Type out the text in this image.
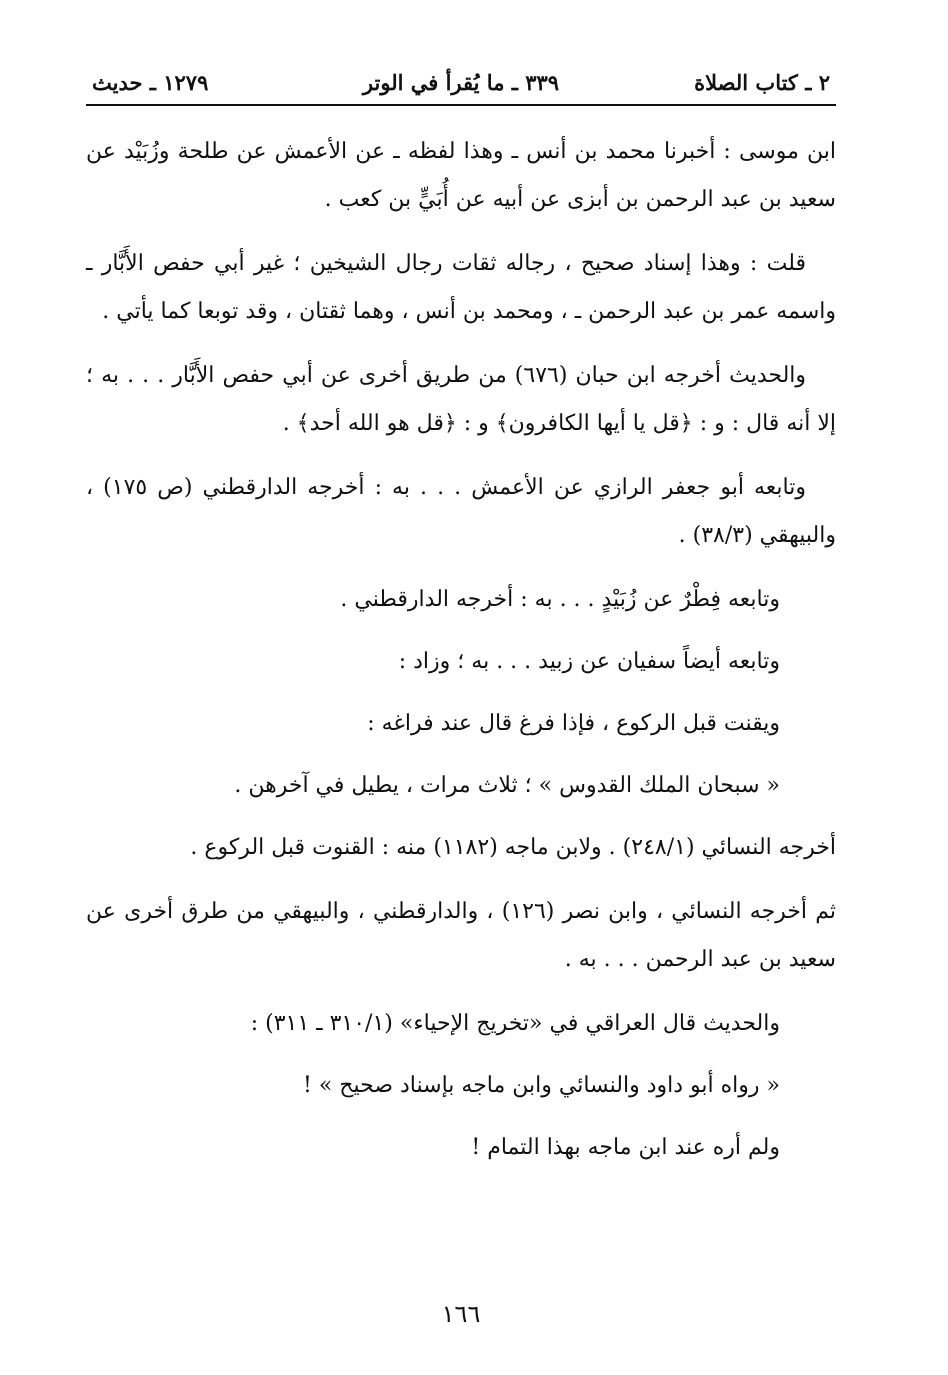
٢ ـ كتاب الصلاة
٣٣٩ ـ ما يُقرأ في الوتر
١٢٧٩ ـ حديث

ابن موسى : أخبرنا محمد بن أنس ـ وهذا لفظه ـ عن الأعمش عن طلحة وزُبَيْد عن سعيد بن عبد الرحمن بن أبزى عن أبيه عن أُبَيٍّ بن كعب .

قلت : وهذا إسناد صحيح ، رجاله ثقات رجال الشيخين ؛ غير أبي حفص الأَبَّار ـ واسمه عمر بن عبد الرحمن ـ ، ومحمد بن أنس ، وهما ثقتان ، وقد توبعا كما يأتي .

والحديث أخرجه ابن حبان (٦٧٦) من طريق أخرى عن أبي حفص الأَبَّار . . . به ؛ إلا أنه قال : و : ﴿قل يا أيها الكافرون﴾ و : ﴿قل هو الله أحد﴾ .

وتابعه أبو جعفر الرازي عن الأعمش . . . به : أخرجه الدارقطني (ص ١٧٥) ، والبيهقي (٣٨/٣) .

وتابعه فِطْرٌ عن زُبَيْدٍ . . . به : أخرجه الدارقطني .

وتابعه أيضاً سفيان عن زبيد . . . به ؛ وزاد :

ويقنت قبل الركوع ، فإذا فرغ قال عند فراغه :

« سبحان الملك القدوس » ؛ ثلاث مرات ، يطيل في آخرهن .

أخرجه النسائي (٢٤٨/١) . ولابن ماجه (١١٨٢) منه : القنوت قبل الركوع .

ثم أخرجه النسائي ، وابن نصر (١٢٦) ، والدارقطني ، والبيهقي من طرق أخرى عن سعيد بن عبد الرحمن . . . به .

والحديث قال العراقي في «تخريج الإحياء» (٣١٠/١ ـ ٣١١) :

« رواه أبو داود والنسائي وابن ماجه بإسناد صحيح » !

ولم أره عند ابن ماجه بهذا التمام !

١٦٦
